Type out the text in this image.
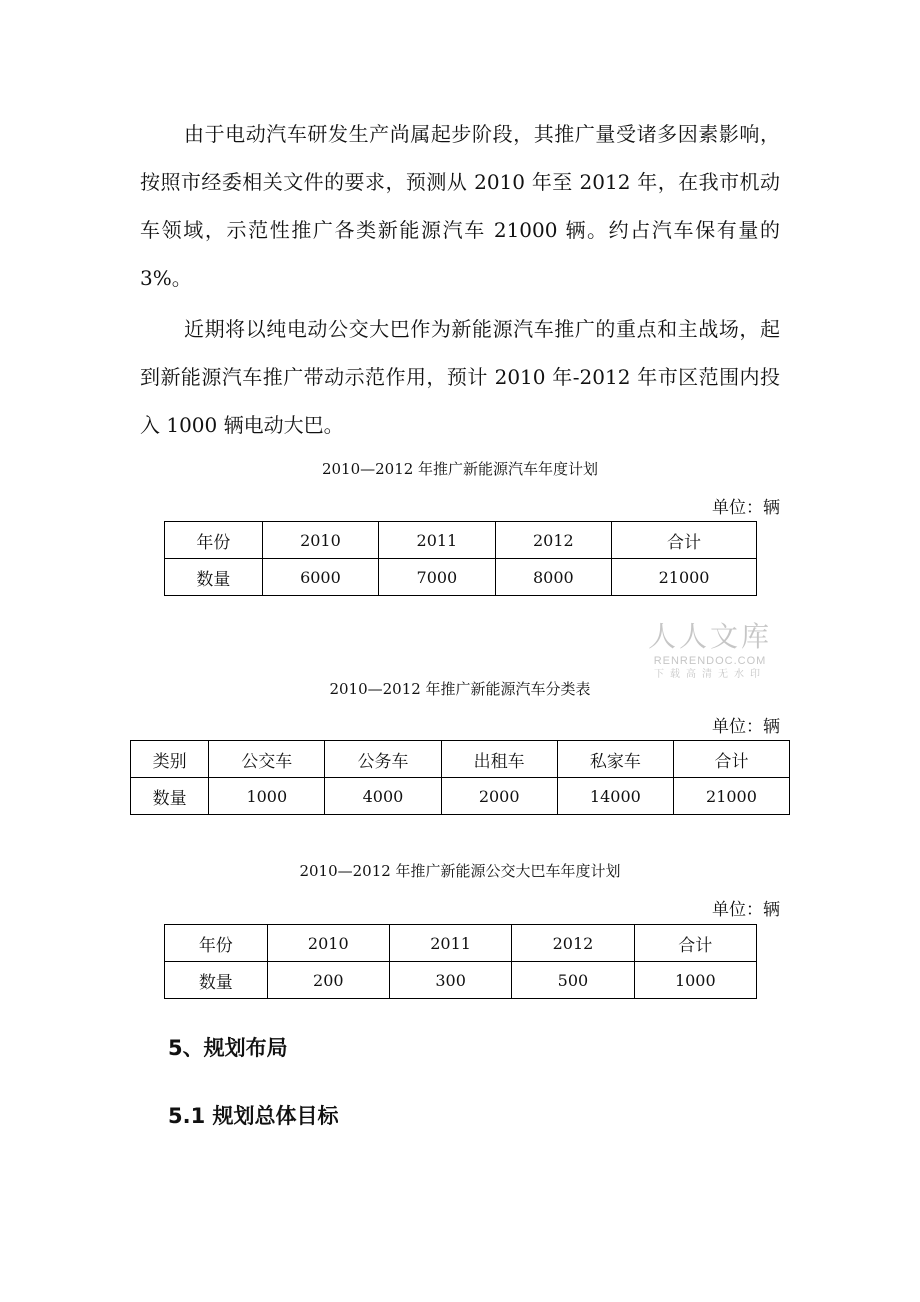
由于电动汽车研发生产尚属起步阶段，其推广量受诸多因素影响，按照市经委相关文件的要求，预测从 2010 年至 2012 年，在我市机动车领域，示范性推广各类新能源汽车 21000 辆。约占汽车保有量的 3%。

近期将以纯电动公交大巴作为新能源汽车推广的重点和主战场，起到新能源汽车推广带动示范作用，预计 2010 年-2012 年市区范围内投入 1000 辆电动大巴。

2010—2012 年推广新能源汽车年度计划

单位：辆

年份	2010	2011	2012	合计
数量	6000	7000	8000	21000
人人文库
RENRENDOC.COM
下载高清无水印

2010—2012 年推广新能源汽车分类表

单位：辆

类别	公交车	公务车	出租车	私家车	合计
数量	1000	4000	2000	14000	21000

2010—2012 年推广新能源公交大巴车年度计划

单位：辆

年份	2010	2011	2012	合计
数量	200	300	500	1000
5、规划布局
5.1 规划总体目标
